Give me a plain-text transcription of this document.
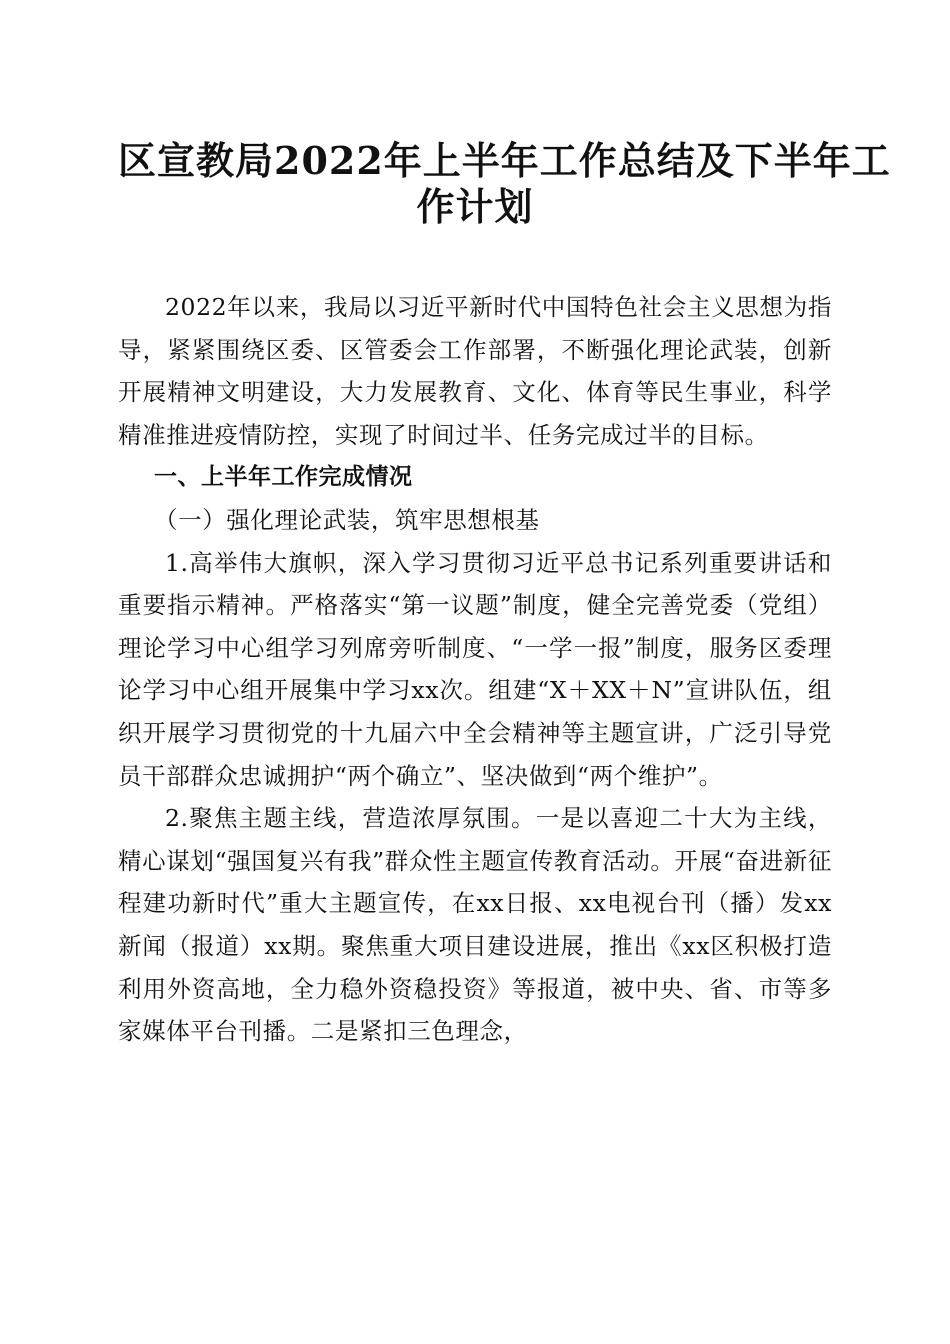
区宣教局2022年上半年工作总结及下半年工
作计划

2022年以来，我局以习近平新时代中国特色社会主义思想为指导，紧紧围绕区委、区管委会工作部署，不断强化理论武装，创新开展精神文明建设，大力发展教育、文化、体育等民生事业，科学精准推进疫情防控，实现了时间过半、任务完成过半的目标。

一、上半年工作完成情况

（一）强化理论武装，筑牢思想根基

1.高举伟大旗帜，深入学习贯彻习近平总书记系列重要讲话和重要指示精神。严格落实“第一议题”制度，健全完善党委（党组）理论学习中心组学习列席旁听制度、“一学一报”制度，服务区委理论学习中心组开展集中学习xx次。组建“X＋XX＋N”宣讲队伍，组织开展学习贯彻党的十九届六中全会精神等主题宣讲，广泛引导党员干部群众忠诚拥护“两个确立”、坚决做到“两个维护”。

2.聚焦主题主线，营造浓厚氛围。一是以喜迎二十大为主线，精心谋划“强国复兴有我”群众性主题宣传教育活动。开展“奋进新征程建功新时代”重大主题宣传，在xx日报、xx电视台刊（播）发xx新闻（报道）xx期。聚焦重大项目建设进展，推出《xx区积极打造利用外资高地，全力稳外资稳投资》等报道，被中央、省、市等多家媒体平台刊播。二是紧扣三色理念，
